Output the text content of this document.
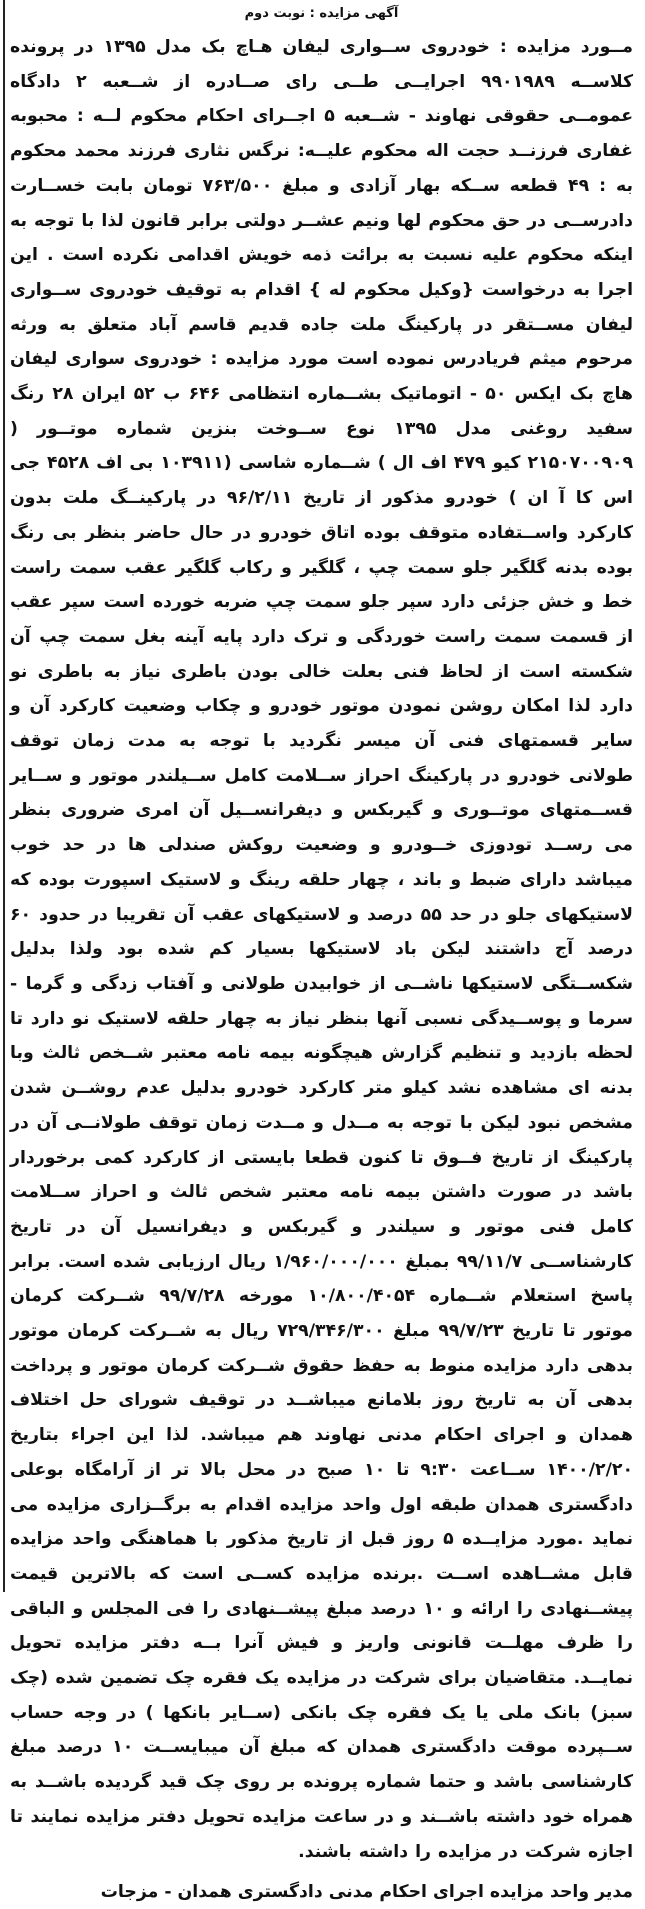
آگهی مزایده : نوبت دوم

مــورد مزایده : خودروی ســواری لیفان هـاچ بک مدل ۱۳۹۵ در پرونده کلاســه ۹۹۰۱۹۸۹ اجرایــی طــی رای صــادره از شــعبه ۲ دادگاه عمومــی حقوقی نهاوند - شــعبه ۵ اجــرای احکام محکوم لــه : محبوبه غفاری فرزنــد حجت اله محکوم علیــه: نرگس نثاری فرزند محمد محکوم به : ۴۹ قطعه ســکه بهار آزادی و مبلغ ۷۶۳/۵۰۰ تومان بابت خســارت دادرســی در حق محکوم لها ونیم عشــر دولتی برابر قانون لذا با توجه به اینکه محکوم علیه نسبت به برائت ذمه خویش اقدامی نکرده است . این اجرا به درخواست {وکیل محکوم له } اقدام به توقیف خودروی ســواری لیفان مســتقر در پارکینگ ملت جاده قدیم قاسم آباد متعلق به ورثه مرحوم میثم فریادرس نموده است مورد مزایده : خودروی سواری لیفان هاچ بک ایکس ۵۰ - اتوماتیک بشــماره انتظامی ۶۴۶ ب ۵۲ ایران ۲۸ رنگ سفید روغنی مدل ۱۳۹۵ نوع ســوخت بنزین شماره موتــور ( ۲۱۵۰۷۰۰۹۰۹ کیو ۴۷۹ اف ال ) شــماره شاسی (۱۰۳۹۱۱ بی اف ۴۵۲۸ جی اس کا آ ان ) خودرو مذکور از تاریخ ۹۶/۲/۱۱ در پارکینــگ ملت بدون کارکرد واســتفاده متوقف بوده اتاق خودرو در حال حاضر بنظر بی رنگ بوده بدنه گلگیر جلو سمت چپ ، گلگیر و رکاب گلگیر عقب سمت راست خط و خش جزئی دارد سپر جلو سمت چپ ضربه خورده است سپر عقب از قسمت سمت راست خوردگی و ترک دارد پایه آینه بغل سمت چپ آن شکسته است از لحاظ فنی بعلت خالی بودن باطری نیاز به باطری نو دارد لذا امکان روشن نمودن موتور خودرو و چکاب وضعیت کارکرد آن و سایر قسمتهای فنی آن میسر نگردید با توجه به مدت زمان توقف طولانی خودرو در پارکینگ احراز ســلامت کامل ســیلندر موتور و ســایر قســمتهای موتــوری و گیربکس و دیفرانســیل آن امری ضروری بنظر می رســد تودوزی خــودرو و وضعیت روکش صندلی ها در حد خوب میباشد دارای ضبط و باند ، چهار حلقه رینگ و لاستیک اسپورت بوده که لاستیکهای جلو در حد ۵۵ درصد و لاستیکهای عقب آن تقریبا در حدود ۶۰ درصد آج داشتند لیکن باد لاستیکها بسیار کم شده بود ولذا بدلیل شکســتگی لاستیکها ناشــی از خوابیدن طولانی و آفتاب زدگی و گرما - سرما و پوســیدگی نسبی آنها بنظر نیاز به چهار حلقه لاستیک نو دارد تا لحظه بازدید و تنظیم گزارش هیچگونه بیمه نامه معتبر شــخص ثالث وبا بدنه ای مشاهده نشد کیلو متر کارکرد خودرو بدلیل عدم روشــن شدن مشخص نبود لیکن با توجه به مــدل و مــدت زمان توقف طولانــی آن در پارکینگ از تاریخ فــوق تا کنون قطعا بایستی از کارکرد کمی برخوردار باشد در صورت داشتن بیمه نامه معتبر شخص ثالث و احراز ســلامت کامل فنی موتور و سیلندر و گیربکس و دیفرانسیل آن در تاریخ کارشناســی ۹۹/۱۱/۷ بمبلغ ۱/۹۶۰/۰۰۰/۰۰۰ ریال ارزیابی شده است. برابر پاسخ استعلام شــماره ۱۰/۸۰۰/۴۰۵۴ مورخه ۹۹/۷/۲۸ شــرکت کرمان موتور تا تاریخ ۹۹/۷/۲۳ مبلغ ۷۲۹/۳۴۶/۳۰۰ ریال به شــرکت کرمان موتور بدهی دارد مزایده منوط به حفظ حقوق شــرکت کرمان موتور و پرداخت بدهی آن به تاریخ روز بلامانع میباشــد در توقیف شورای حل اختلاف همدان و اجرای احکام مدنی نهاوند هم میباشد. لذا این اجراء بتاریخ ۱۴۰۰/۲/۲۰ ســاعت ۹:۳۰ تا ۱۰ صبح در محل بالا تر از آرامگاه بوعلی دادگستری همدان طبقه اول واحد مزایده اقدام به برگــزاری مزایده می نماید .مورد مزایــده ۵ روز قبل از تاریخ مذکور با هماهنگی واحد مزایده قابل مشــاهده اســت .برنده مزایده کســی است که بالاترین قیمت پیشــنهادی را ارائه و ۱۰ درصد مبلغ پیشــنهادی را فی المجلس و الباقی را ظرف مهلــت قانونی واریز و فیش آنرا بــه دفتر مزایده تحویل نمایــد. متقاضیان برای شرکت در مزایده یک فقره چک تضمین شده (چک سبز) بانک ملی یا یک فقره چک بانکی (ســایر بانکها ) در وجه حساب ســپرده موقت دادگستری همدان که مبلغ آن میبایســت ۱۰ درصد مبلغ کارشناسی باشد و حتما شماره پرونده بر روی چک قید گردیده باشــد به همراه خود داشته باشــند و در ساعت مزایده تحویل دفتر مزایده نمایند تا اجازه شرکت در مزایده را داشته باشند.

مدیر واحد مزایده اجرای احکام مدنی دادگستری همدان - مزجات
